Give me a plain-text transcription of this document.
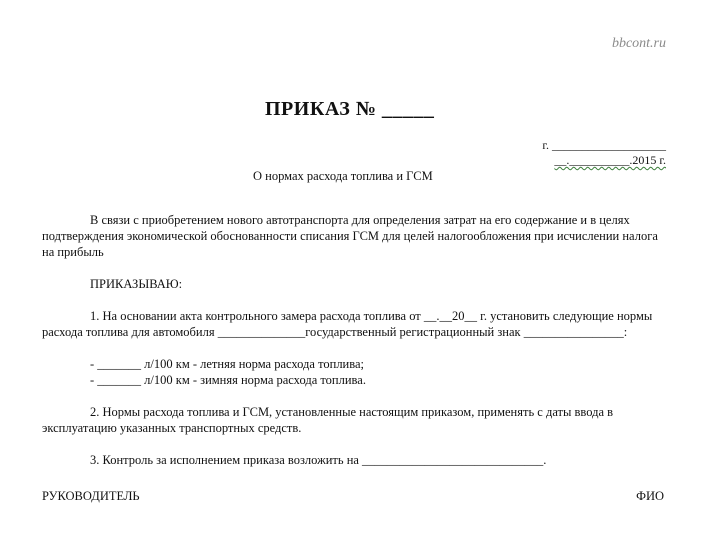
bbcont.ru
ПРИКАЗ № _____
г. ___________________
__.__________.2015 г.
О нормах расхода топлива и ГСМ
В связи с приобретением нового автотранспорта для определения затрат на его содержание и в целях подтверждения экономической обоснованности списания ГСМ для целей налогообложения при исчислении налога на прибыль
ПРИКАЗЫВАЮ:
1. На основании акта контрольного замера расхода топлива от __.__20__ г. установить следующие нормы расхода топлива для автомобиля ______________государственный регистрационный знак ________________:
- _______ л/100 км - летняя норма расхода топлива;
- _______ л/100 км - зимняя норма расхода топлива.
2. Нормы расхода топлива и ГСМ, установленные настоящим приказом, применять с даты ввода в эксплуатацию указанных транспортных средств.
3. Контроль за исполнением приказа возложить на _____________________________.
РУКОВОДИТЕЛЬ	ФИО
